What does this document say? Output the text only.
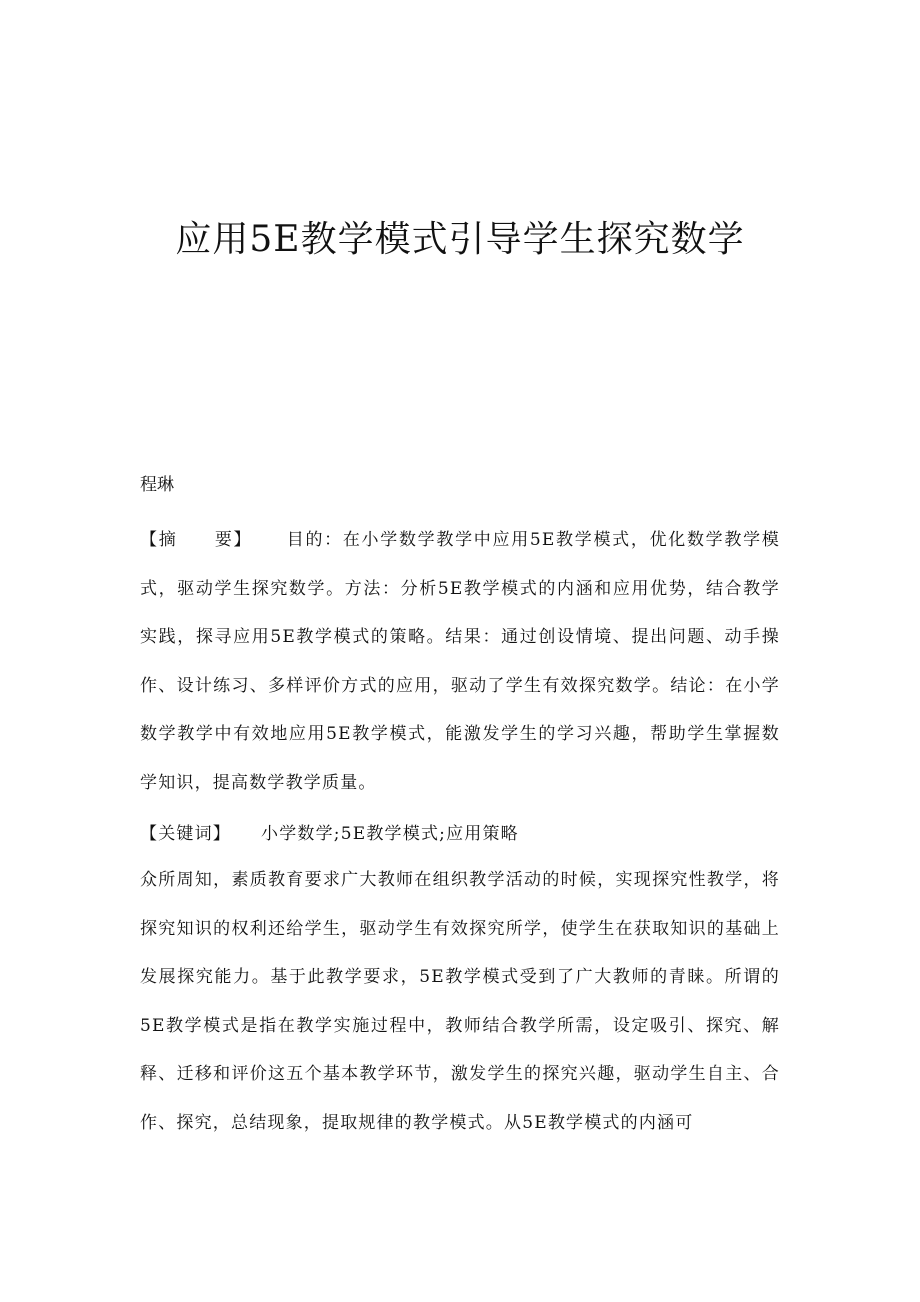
应用5E教学模式引导学生探究数学
程琳
【摘　　要】 目的：在小学数学教学中应用5E教学模式，优化数学教学模式，驱动学生探究数学。方法：分析5E教学模式的内涵和应用优势，结合教学实践，探寻应用5E教学模式的策略。结果：通过创设情境、提出问题、动手操作、设计练习、多样评价方式的应用，驱动了学生有效探究数学。结论：在小学数学教学中有效地应用5E教学模式，能激发学生的学习兴趣，帮助学生掌握数学知识，提高数学教学质量。
【关键词】 小学数学;5E教学模式;应用策略
众所周知，素质教育要求广大教师在组织教学活动的时候，实现探究性教学，将探究知识的权利还给学生，驱动学生有效探究所学，使学生在获取知识的基础上发展探究能力。基于此教学要求，5E教学模式受到了广大教师的青睐。所谓的5E教学模式是指在教学实施过程中，教师结合教学所需，设定吸引、探究、解释、迁移和评价这五个基本教学环节，激发学生的探究兴趣，驱动学生自主、合作、探究，总结现象，提取规律的教学模式。从5E教学模式的内涵可
